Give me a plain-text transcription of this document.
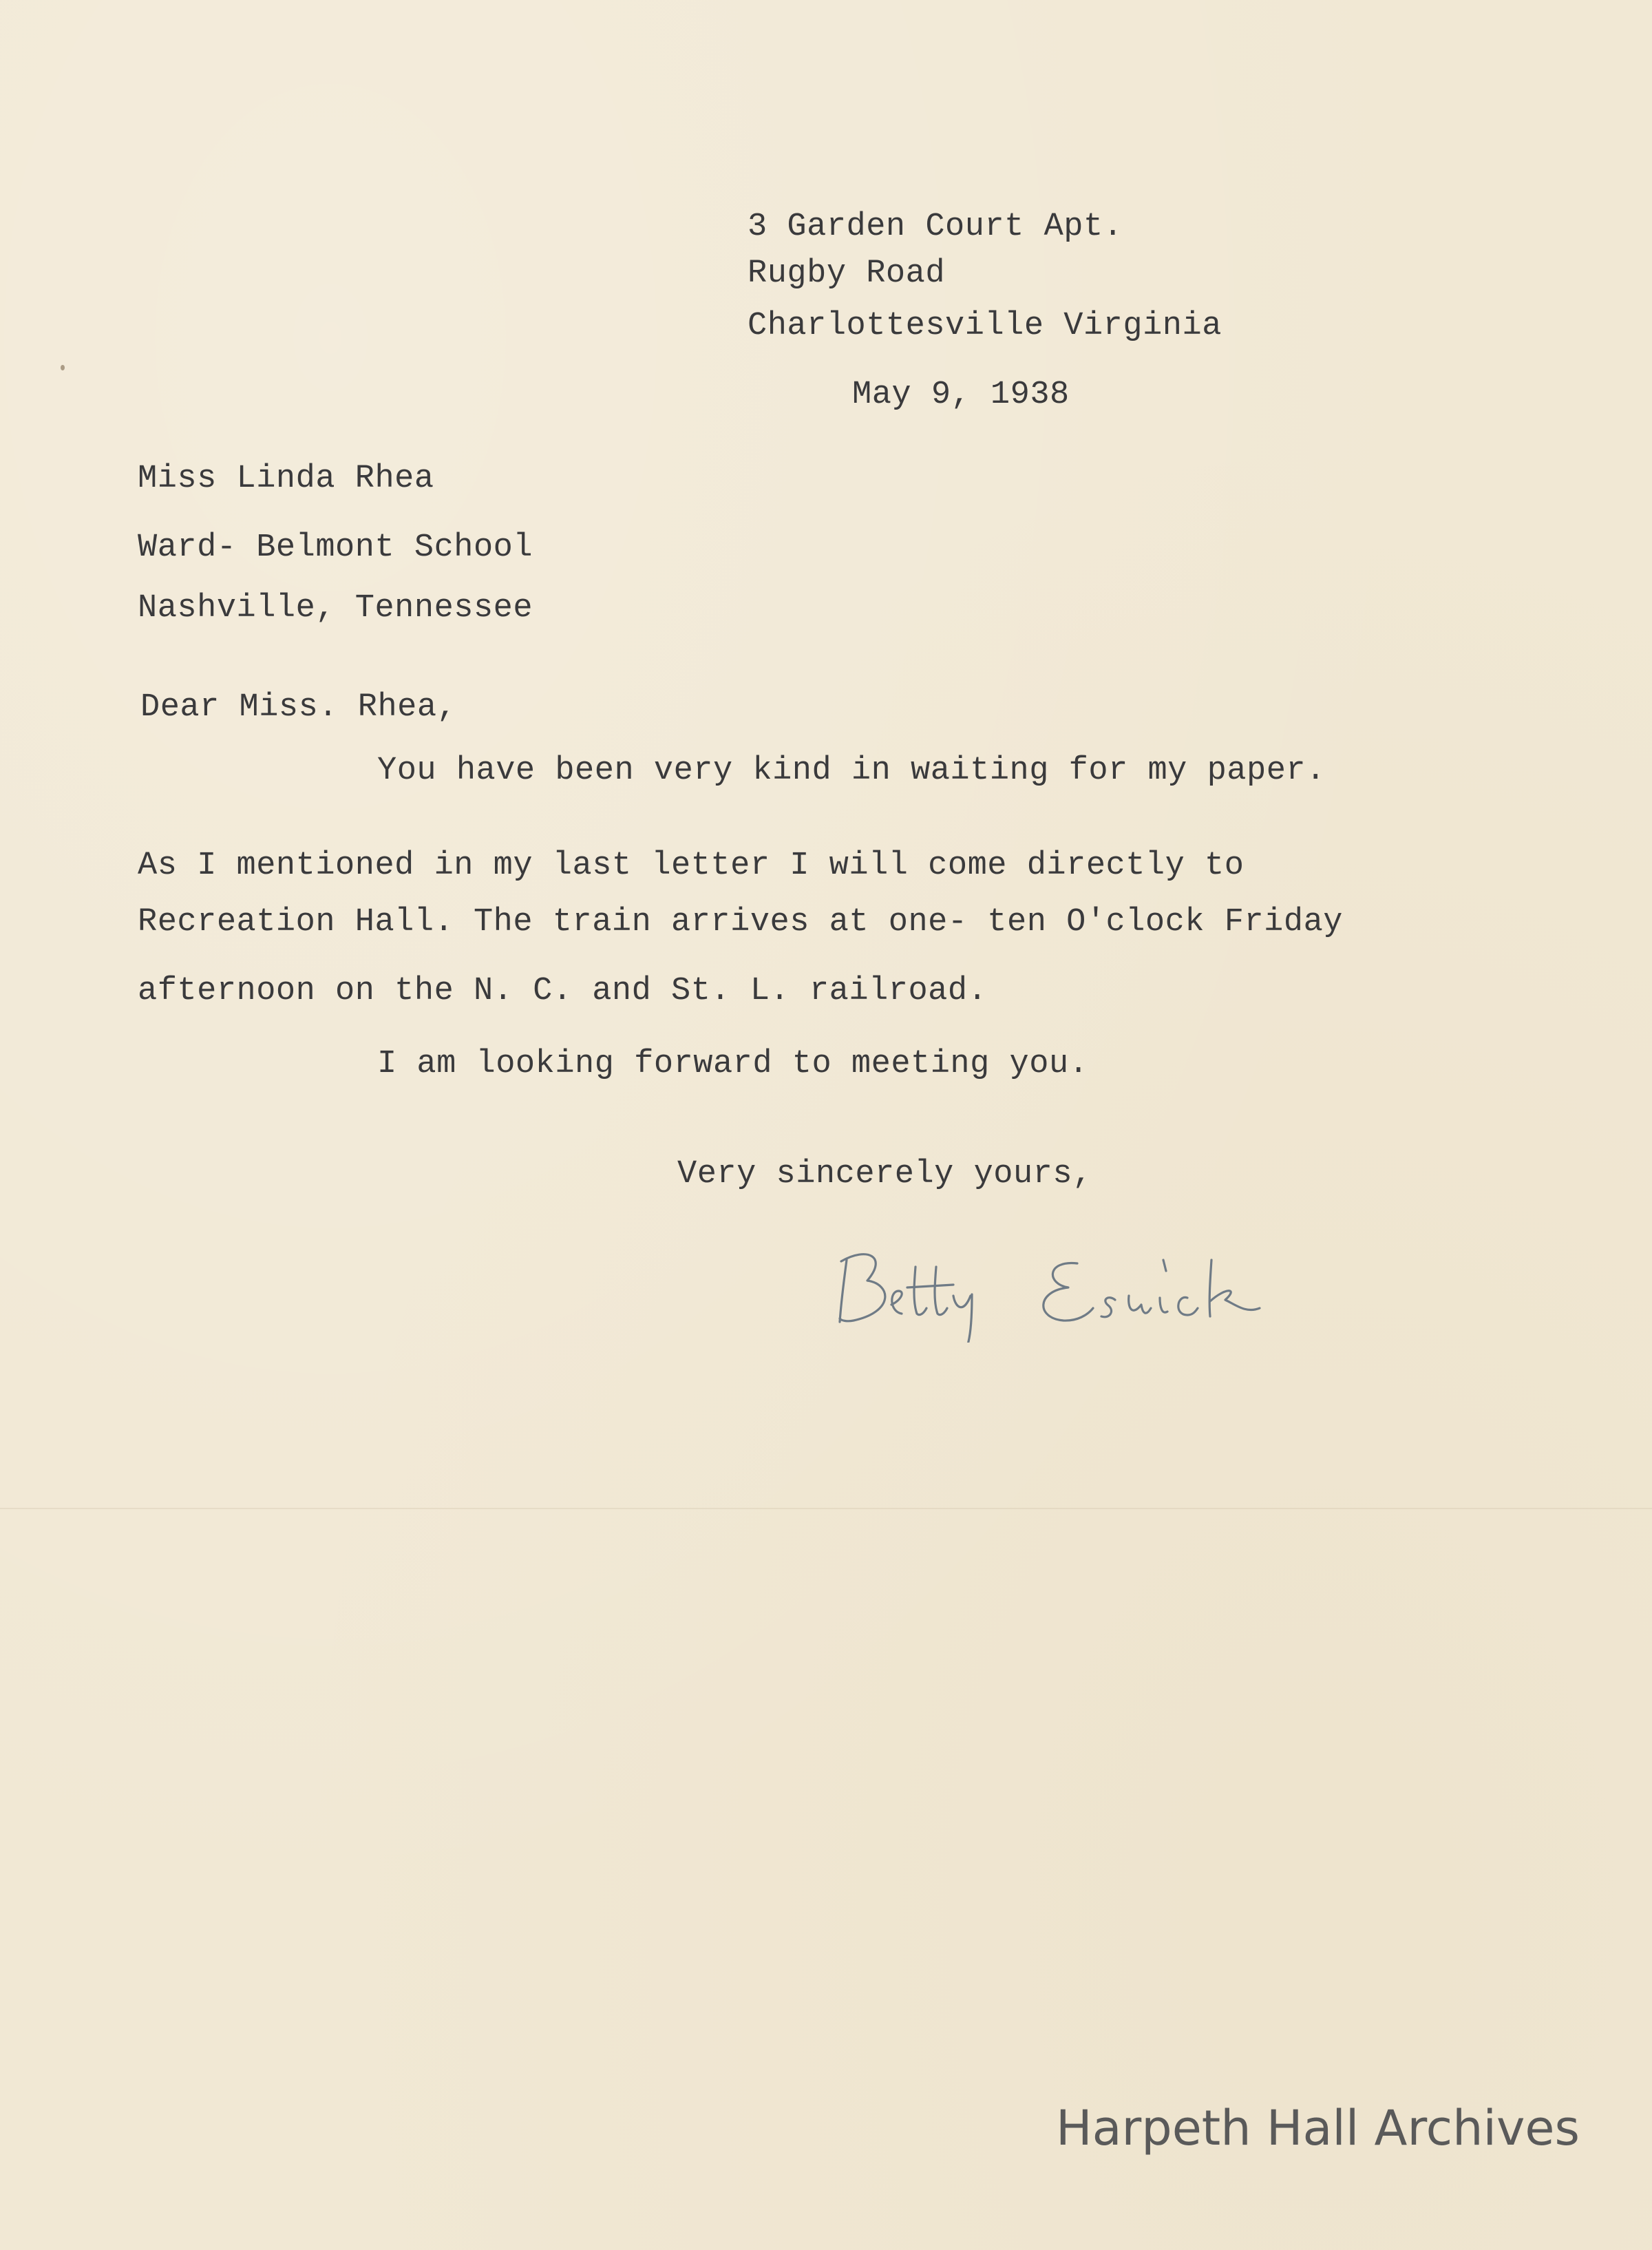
3 Garden Court Apt.

Rugby Road

Charlottesville Virginia

May 9, 1938

Miss Linda Rhea

Ward- Belmont School

Nashville, Tennessee

Dear Miss. Rhea,

You have been very kind in waiting for my paper.

As I mentioned in my last letter I will come directly to

Recreation Hall. The train arrives at one- ten O'clock Friday

afternoon on the N. C. and St. L. railroad.

I am looking forward to meeting you.

Very sincerely yours,

Harpeth Hall Archives
